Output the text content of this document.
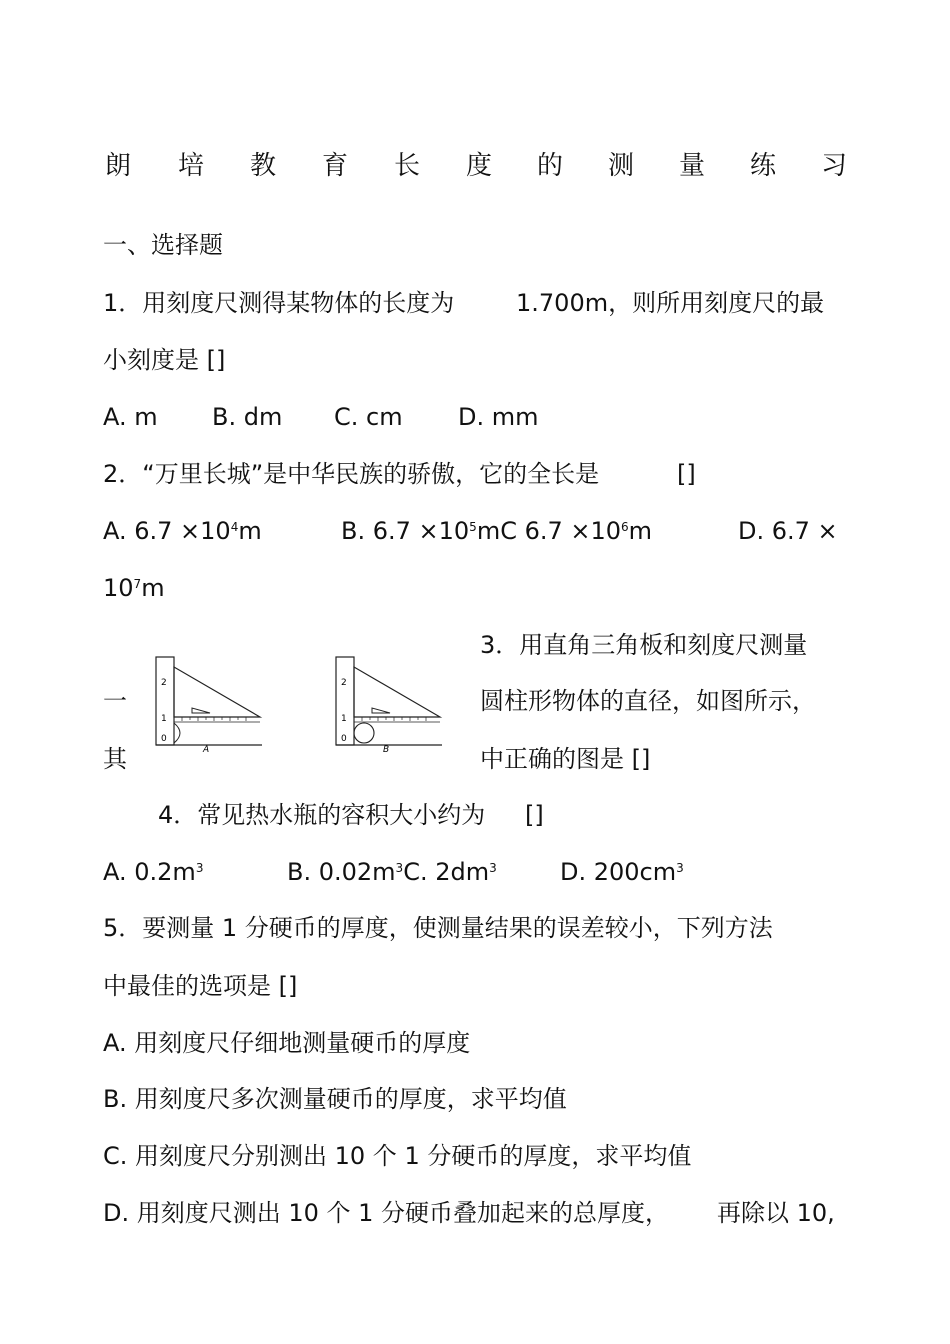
朗 培 教 育 长 度 的 测 量 练 习
一、选择题
1．用刻度尺测得某物体的长度为	1.700m，则所用刻度尺的最
小刻度是 []
A. m B. dm C. cm D. mm
2．“万里长城”是中华民族的骄傲，它的全长是	[]
A. $6.7 \times 10^4m$	B. $6.7 \times 10^5mC$ $6.7 \times 10^6m$	D. 6.7 ×
$10^7m$
3．用直角三角板和刻度尺测量
一	圆柱形物体的直径，如图所示，
其	中正确的图是 []
2
1
0
A
2
1
0
B
4．常见热水瓶的容积大小约为 []
A. $0.2m^3$	B. $0.02m^3C$. $2dm^3$	D. $200cm^3$
5．要测量 1 分硬币的厚度，使测量结果的误差较小，下列方法
中最佳的选项是 []
A. 用刻度尺仔细地测量硬币的厚度
B. 用刻度尺多次测量硬币的厚度，求平均值
C. 用刻度尺分别测出 10 个 1 分硬币的厚度，求平均值
D. 用刻度尺测出 10 个 1 分硬币叠加起来的总厚度， 再除以 10,
